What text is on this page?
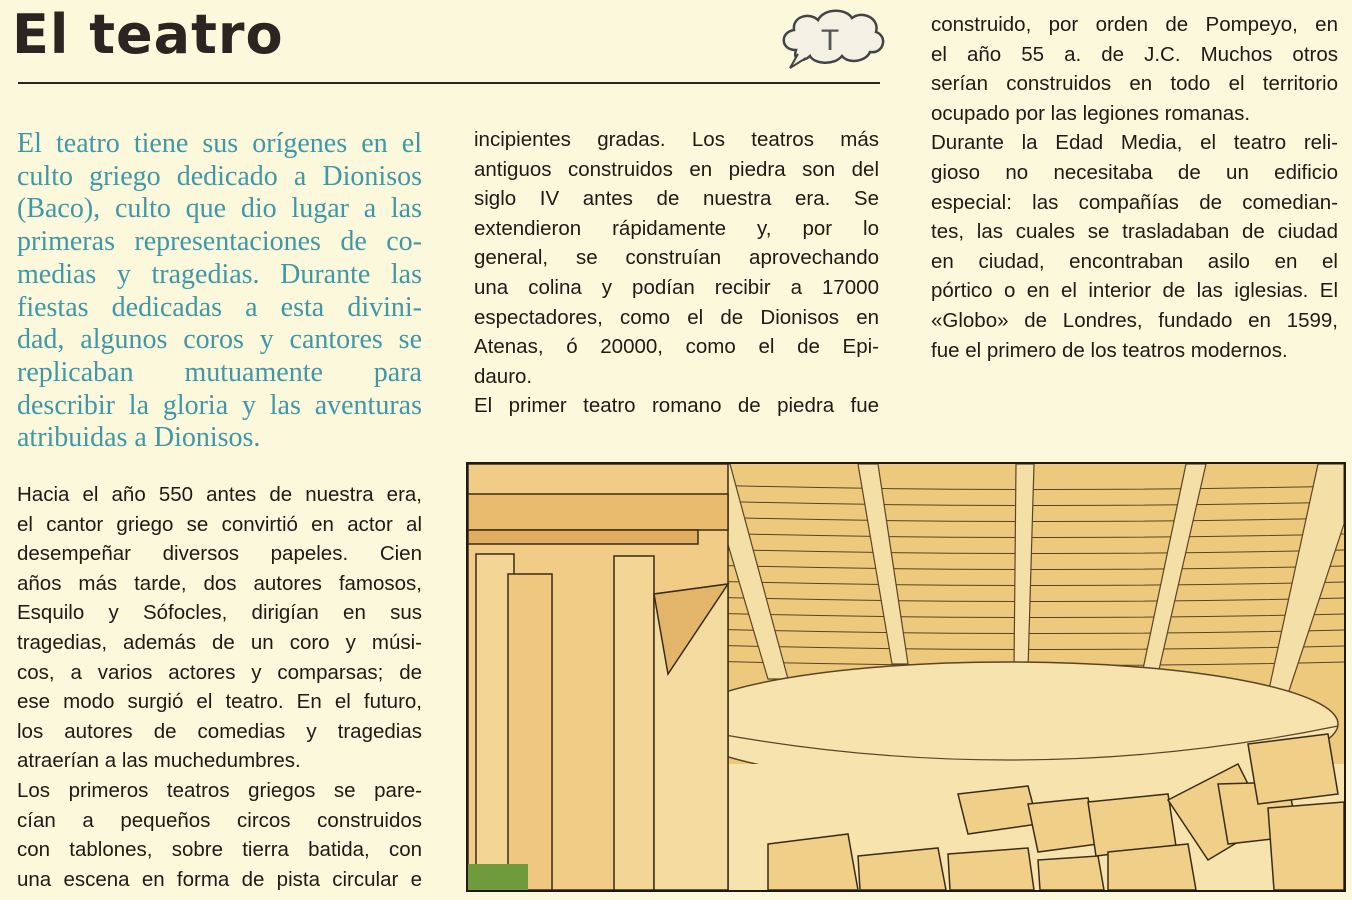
El teatro	T
El teatro tiene sus orígenes en el
culto griego dedicado a Dionisos
(Baco), culto que dio lugar a las
primeras representaciones de co-
medias y tragedias. Durante las
fiestas dedicadas a esta divini-
dad, algunos coros y cantores se
replicaban mutuamente para
describir la gloria y las aventuras
atribuidas a Dionisos.
Hacia el año 550 antes de nuestra era,
el cantor griego se convirtió en actor al
desempeñar diversos papeles. Cien
años más tarde, dos autores famosos,
Esquilo y Sófocles, dirigían en sus
tragedias, además de un coro y músi-
cos, a varios actores y comparsas; de
ese modo surgió el teatro. En el futuro,
los autores de comedias y tragedias
atraerían a las muchedumbres.
Los primeros teatros griegos se pare-
cían a pequeños circos construidos
con tablones, sobre tierra batida, con
una escena en forma de pista circular e
incipientes gradas. Los teatros más
antiguos construidos en piedra son del
siglo IV antes de nuestra era. Se
extendieron rápidamente y, por lo
general, se construían aprovechando
una colina y podían recibir a 17000
espectadores, como el de Dionisos en
Atenas, ó 20000, como el de Epi-
dauro.
El primer teatro romano de piedra fue
construido, por orden de Pompeyo, en
el año 55 a. de J.C. Muchos otros
serían construidos en todo el territorio
ocupado por las legiones romanas.
Durante la Edad Media, el teatro reli-
gioso no necesitaba de un edificio
especial: las compañías de comedian-
tes, las cuales se trasladaban de ciudad
en ciudad, encontraban asilo en el
pórtico o en el interior de las iglesias. El
«Globo» de Londres, fundado en 1599,
fue el primero de los teatros modernos.
